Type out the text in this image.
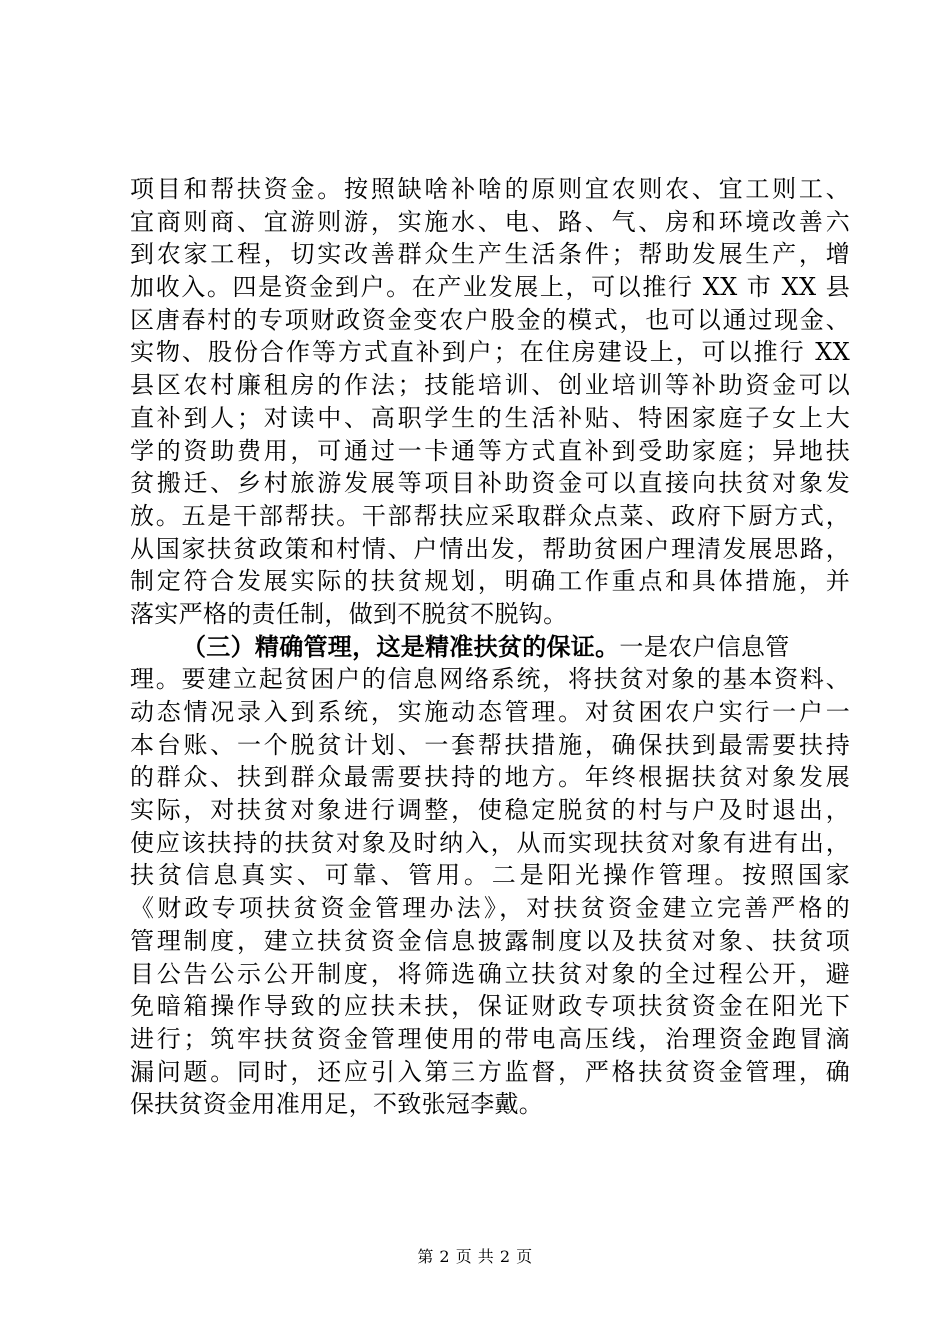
项目和帮扶资金。按照缺啥补啥的原则宜农则农、宜工则工、
宜商则商、宜游则游，实施水、电、路、气、房和环境改善六
到农家工程，切实改善群众生产生活条件；帮助发展生产，增
加收入。四是资金到户。在产业发展上，可以推行 XX 市 XX 县
区唐春村的专项财政资金变农户股金的模式，也可以通过现金、
实物、股份合作等方式直补到户；在住房建设上，可以推行 XX
县区农村廉租房的作法；技能培训、创业培训等补助资金可以
直补到人；对读中、高职学生的生活补贴、特困家庭子女上大
学的资助费用，可通过一卡通等方式直补到受助家庭；异地扶
贫搬迁、乡村旅游发展等项目补助资金可以直接向扶贫对象发
放。五是干部帮扶。干部帮扶应采取群众点菜、政府下厨方式，
从国家扶贫政策和村情、户情出发，帮助贫困户理清发展思路，
制定符合发展实际的扶贫规划，明确工作重点和具体措施，并
落实严格的责任制，做到不脱贫不脱钩。
（三）精确管理，这是精准扶贫的保证。一是农户信息管
理。要建立起贫困户的信息网络系统，将扶贫对象的基本资料、
动态情况录入到系统，实施动态管理。对贫困农户实行一户一
本台账、一个脱贫计划、一套帮扶措施，确保扶到最需要扶持
的群众、扶到群众最需要扶持的地方。年终根据扶贫对象发展
实际，对扶贫对象进行调整，使稳定脱贫的村与户及时退出，
使应该扶持的扶贫对象及时纳入，从而实现扶贫对象有进有出，
扶贫信息真实、可靠、管用。二是阳光操作管理。按照国家
《财政专项扶贫资金管理办法》，对扶贫资金建立完善严格的
管理制度，建立扶贫资金信息披露制度以及扶贫对象、扶贫项
目公告公示公开制度，将筛选确立扶贫对象的全过程公开，避
免暗箱操作导致的应扶未扶，保证财政专项扶贫资金在阳光下
进行；筑牢扶贫资金管理使用的带电高压线，治理资金跑冒滴
漏问题。同时，还应引入第三方监督，严格扶贫资金管理，确
保扶贫资金用准用足，不致张冠李戴。
第 2 页 共 2 页
